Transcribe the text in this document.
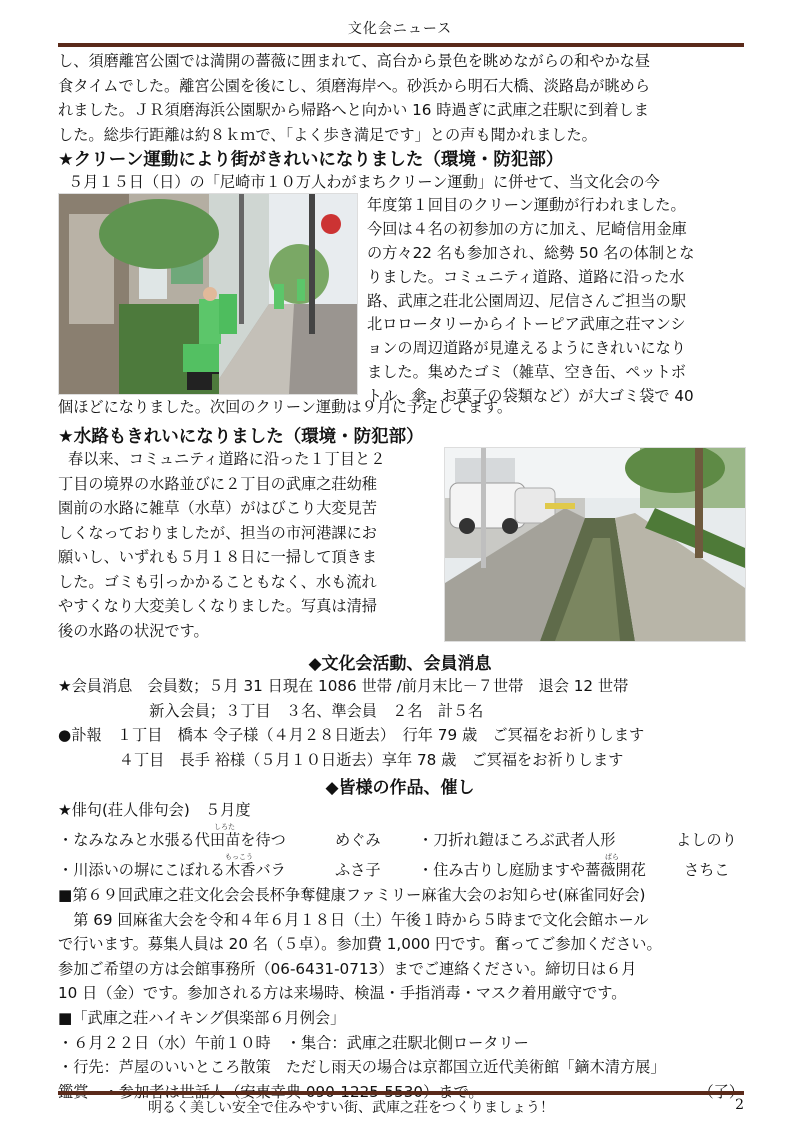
文化会ニュース
し、須磨離宮公園では満開の薔薇に囲まれて、高台から景色を眺めながらの和やかな昼
食タイムでした。離宮公園を後にし、須磨海岸へ。砂浜から明石大橋、淡路島が眺めら
れました。ＪＲ須磨海浜公園駅から帰路へと向かい 16 時過ぎに武庫之荘駅に到着しま
した。総歩行距離は約８ｋｍで、「よく歩き満足です」との声も聞かれました。
★クリーン運動により街がきれいになりました（環境・防犯部）
５月１５日（日）の「尼崎市１０万人わがまちクリーン運動」に併せて、当文化会の今
年度第１回目のクリーン運動が行われました。
今回は４名の初参加の方に加え、尼崎信用金庫
の方々22 名も参加され、総勢 50 名の体制とな
りました。コミュニティ道路、道路に沿った水
路、武庫之荘北公園周辺、尼信さんご担当の駅
北ロロータリーからイトーピア武庫之荘マンシ
ョンの周辺道路が見違えるようにきれいになり
ました。集めたゴミ（雑草、空き缶、ペットボ
トル、傘、お菓子の袋類など）が大ゴミ袋で 40
個ほどになりました。次回のクリーン運動は９月に予定してます。
★水路もきれいになりました（環境・防犯部）
春以来、コミュニティ道路に沿った１丁目と２
丁目の境界の水路並びに２丁目の武庫之荘幼稚
園前の水路に雑草（水草）がはびこり大変見苦
しくなっておりましたが、担当の市河港課にお
願いし、いずれも５月１８日に一掃して頂きま
した。ゴミも引っかかることもなく、水も流れ
やすくなり大変美しくなりました。写真は清掃
後の水路の状況です。
◆文化会活動、会員消息
★会員消息　会員数；５月 31 日現在 1086 世帯 /前月末比－７世帯　退会 12 世帯
　　　　　　新入会員；３丁目　３名、準会員　２名　計５名
●訃報　１丁目　橋本 令子様（４月２８日逝去）　行年 79 歳　ご冥福をお祈りします
　　　　４丁目　長手 裕様（５月１０日逝去）享年 78 歳　ご冥福をお祈りします
◆皆様の作品、催し
★俳句(荘人俳句会)　５月度
しろた
・なみなみと水張る代田苗を待つ	めぐみ ・刀折れ鎧ほころぶ武者人形	よしのり
もっこう	ばら
・川添いの塀にこぼれる木香バラ	ふさ子 ・住み古りし庭励ますや薔薇開花	さちこ
■第６９回武庫之荘文化会会長杯争奪健康ファミリー麻雀大会のお知らせ(麻雀同好会)
　第 69 回麻雀大会を令和４年６月１８日（土）午後１時から５時まで文化会館ホール
で行います。募集人員は 20 名（５卓）。参加費 1,000 円です。奮ってご参加ください。
参加ご希望の方は会館事務所（06-6431-0713）までご連絡ください。締切日は６月
10 日（金）です。参加される方は来場時、検温・手指消毒・マスク着用厳守です。
■「武庫之荘ハイキング倶楽部６月例会」
・６月２２日（水）午前１０時　・集合：武庫之荘駅北側ロータリー
・行先：芦屋のいいところ散策　ただし雨天の場合は京都国立近代美術館「鏑木清方展」
明るく美しい安全で住みやすい街、武庫之荘をつくりましょう！	2
